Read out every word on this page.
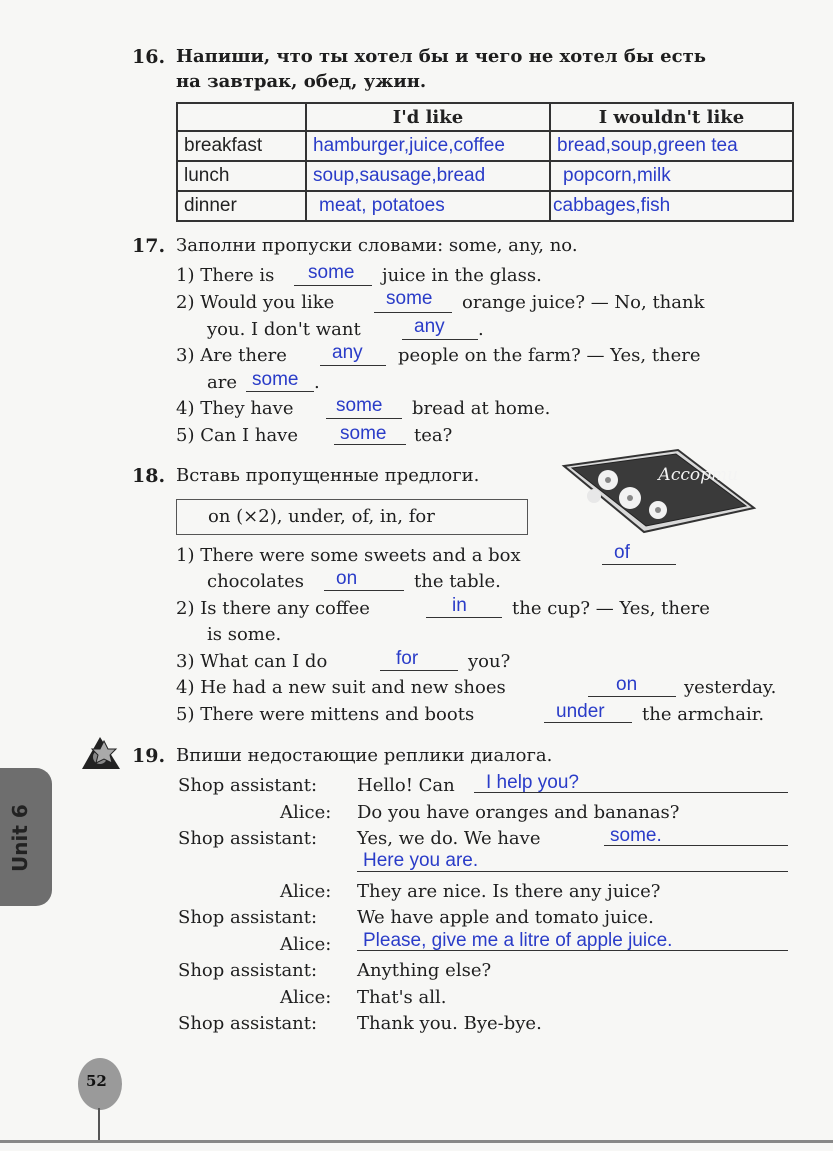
16. Напиши, что ты хотел бы и чего не хотел бы есть
на завтрак, обед, ужин.
	I'd like	I wouldn't like
breakfast	hamburger,juice,coffee	bread,soup,green tea
lunch	soup,sausage,bread	popcorn,milk
dinner	meat, potatoes	cabbages,fish
17. Заполни пропуски словами: some, any, no.
1) There is some juice in the glass.
2) Would you like	some orange juice? — No, thank
you. I don't want	any .
3) Are there any people on the farm? — Yes, there
are some .
4) They have some bread at home.
5) Can I have some tea?
18. Вставь пропущенные предлоги.
on (×2), under, of, in, for
Ассорти
1) There were some sweets and a box	of
chocolates on	the table.
2) Is there any coffee	in	the cup? — Yes, there
is some.
3) What can I do	for	you?
4) He had a new suit and new shoes	on	yesterday.
5) There were mittens and boots	under the armchair.
19. Впиши недостающие реплики диалога.
Shop assistant: Hello! Can I help you?
Alice: Do you have oranges and bananas?
Shop assistant: Yes, we do. We have	some.
Here you are.
Alice: They are nice. Is there any juice?
Shop assistant: We have apple and tomato juice.
Alice: Please, give me a litre of apple juice.
Shop assistant: Anything else?
Alice: That's all.
Shop assistant: Thank you. Bye-bye.
Unit 6
52
